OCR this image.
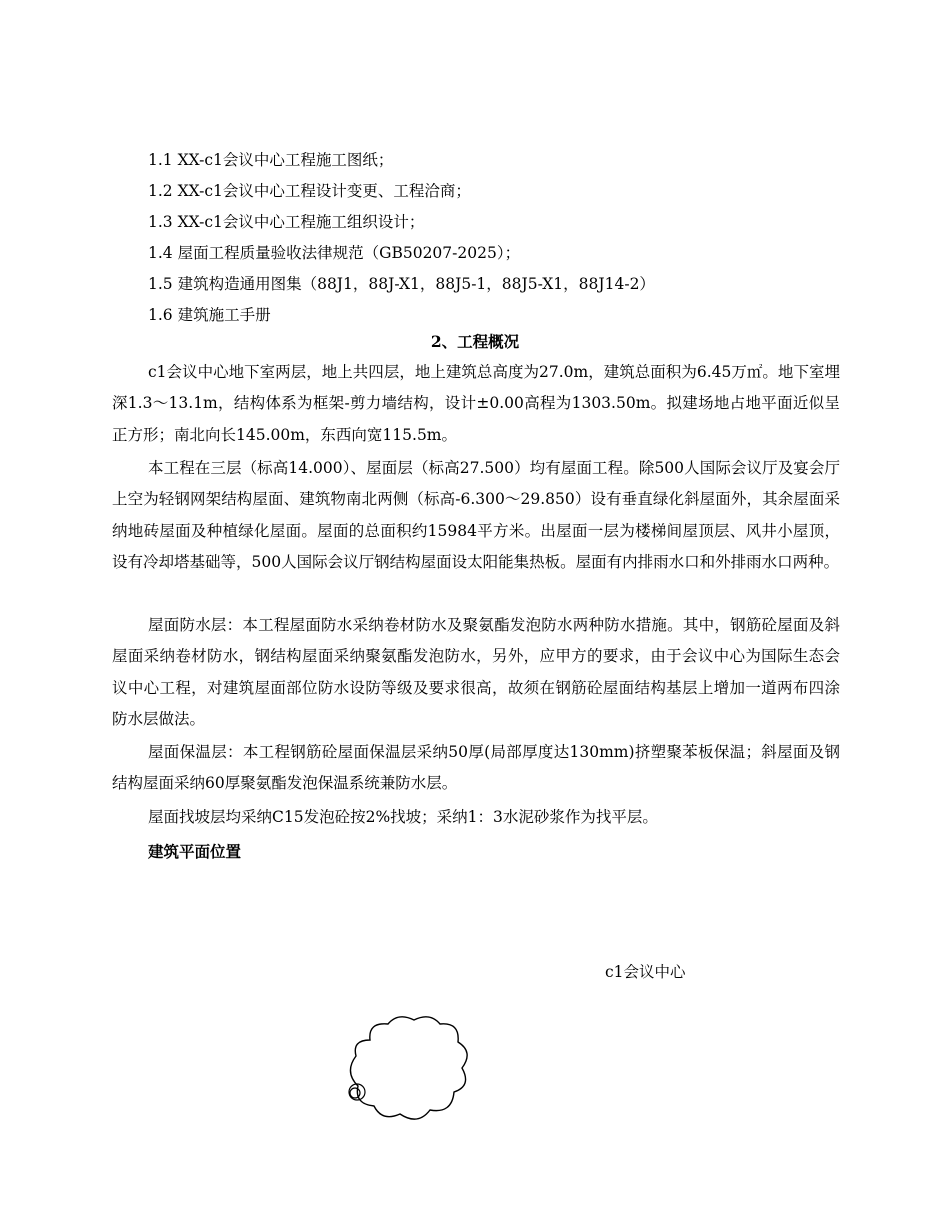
1.1 XX-c1会议中心工程施工图纸；
1.2 XX-c1会议中心工程设计变更、工程洽商；
1.3 XX-c1会议中心工程施工组织设计；
1.4 屋面工程质量验收法律规范（GB50207-2025）；
1.5 建筑构造通用图集（88J1，88J-X1，88J5-1，88J5-X1，88J14-2）
1.6 建筑施工手册
2、工程概况
c1会议中心地下室两层，地上共四层，地上建筑总高度为27.0m，建筑总面积为6.45万㎡。地下室埋深1.3～13.1m，结构体系为框架-剪力墙结构，设计±0.00高程为1303.50m。拟建场地占地平面近似呈正方形；南北向长145.00m，东西向宽115.5m。
本工程在三层（标高14.000）、屋面层（标高27.500）均有屋面工程。除500人国际会议厅及宴会厅上空为轻钢网架结构屋面、建筑物南北两侧（标高-6.300～29.850）设有垂直绿化斜屋面外，其余屋面采纳地砖屋面及种植绿化屋面。屋面的总面积约15984平方米。出屋面一层为楼梯间屋顶层、风井小屋顶，设有冷却塔基础等，500人国际会议厅钢结构屋面设太阳能集热板。屋面有内排雨水口和外排雨水口两种。
屋面防水层：本工程屋面防水采纳卷材防水及聚氨酯发泡防水两种防水措施。其中，钢筋砼屋面及斜屋面采纳卷材防水，钢结构屋面采纳聚氨酯发泡防水，另外，应甲方的要求，由于会议中心为国际生态会议中心工程，对建筑屋面部位防水设防等级及要求很高，故须在钢筋砼屋面结构基层上增加一道两布四涂防水层做法。
屋面保温层：本工程钢筋砼屋面保温层采纳50厚(局部厚度达130mm)挤塑聚苯板保温；斜屋面及钢结构屋面采纳60厚聚氨酯发泡保温系统兼防水层。
屋面找坡层均采纳C15发泡砼按2%找坡；采纳1：3水泥砂浆作为找平层。
建筑平面位置
c1会议中心
